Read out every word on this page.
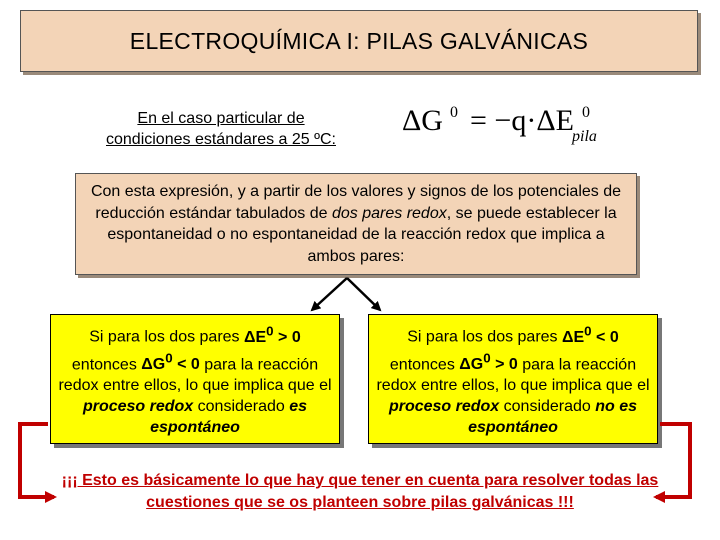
ELECTROQUÍMICA I: PILAS GALVÁNICAS
En el caso particular de
condiciones estándares a 25 ºC:
ΔG 0 = −q·ΔE 0
pila
Con esta expresión, y a partir de los valores y signos de los potenciales de reducción estándar tabulados de dos pares redox, se puede establecer la espontaneidad o no espontaneidad de la reacción redox que implica a ambos pares:
Si para los dos pares $\Delta E^0 > 0$ entonces $\Delta G^0 < 0$ para la reacción redox entre ellos, lo que implica que el proceso redox considerado es espontáneo
Si para los dos pares $\Delta E^0 < 0$ entonces $\Delta G^0 > 0$ para la reacción redox entre ellos, lo que implica que el proceso redox considerado no es espontáneo
¡¡¡ Esto es básicamente lo que hay que tener en cuenta para resolver todas las cuestiones que se os planteen sobre pilas galvánicas !!!
